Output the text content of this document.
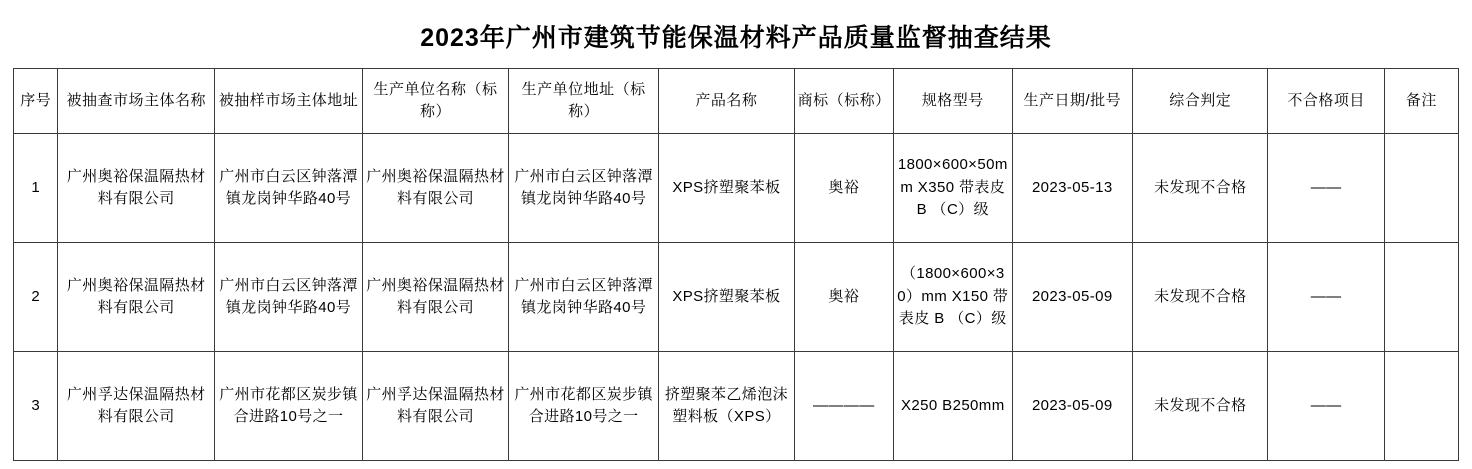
2023年广州市建筑节能保温材料产品质量监督抽查结果
序号	被抽查市场主体名称	被抽样市场主体地址	生产单位名称（标称）	生产单位地址（标称）	产品名称	商标（标称）	规格型号	生产日期/批号	综合判定	不合格项目	备注
1	广州奥裕保温隔热材料有限公司	广州市白云区钟落潭镇龙岗钟华路40号	广州奥裕保温隔热材料有限公司	广州市白云区钟落潭镇龙岗钟华路40号	XPS挤塑聚苯板	奥裕	1800×600×50mm X350 带表皮 B （C）级	2023-05-13	未发现不合格	——	
2	广州奥裕保温隔热材料有限公司	广州市白云区钟落潭镇龙岗钟华路40号	广州奥裕保温隔热材料有限公司	广州市白云区钟落潭镇龙岗钟华路40号	XPS挤塑聚苯板	奥裕	（1800×600×30）mm X150 带表皮 B （C）级	2023-05-09	未发现不合格	——	
3	广州孚达保温隔热材料有限公司	广州市花都区炭步镇合进路10号之一	广州孚达保温隔热材料有限公司	广州市花都区炭步镇合进路10号之一	挤塑聚苯乙烯泡沫塑料板（XPS）	————	X250 B250mm	2023-05-09	未发现不合格	——	
